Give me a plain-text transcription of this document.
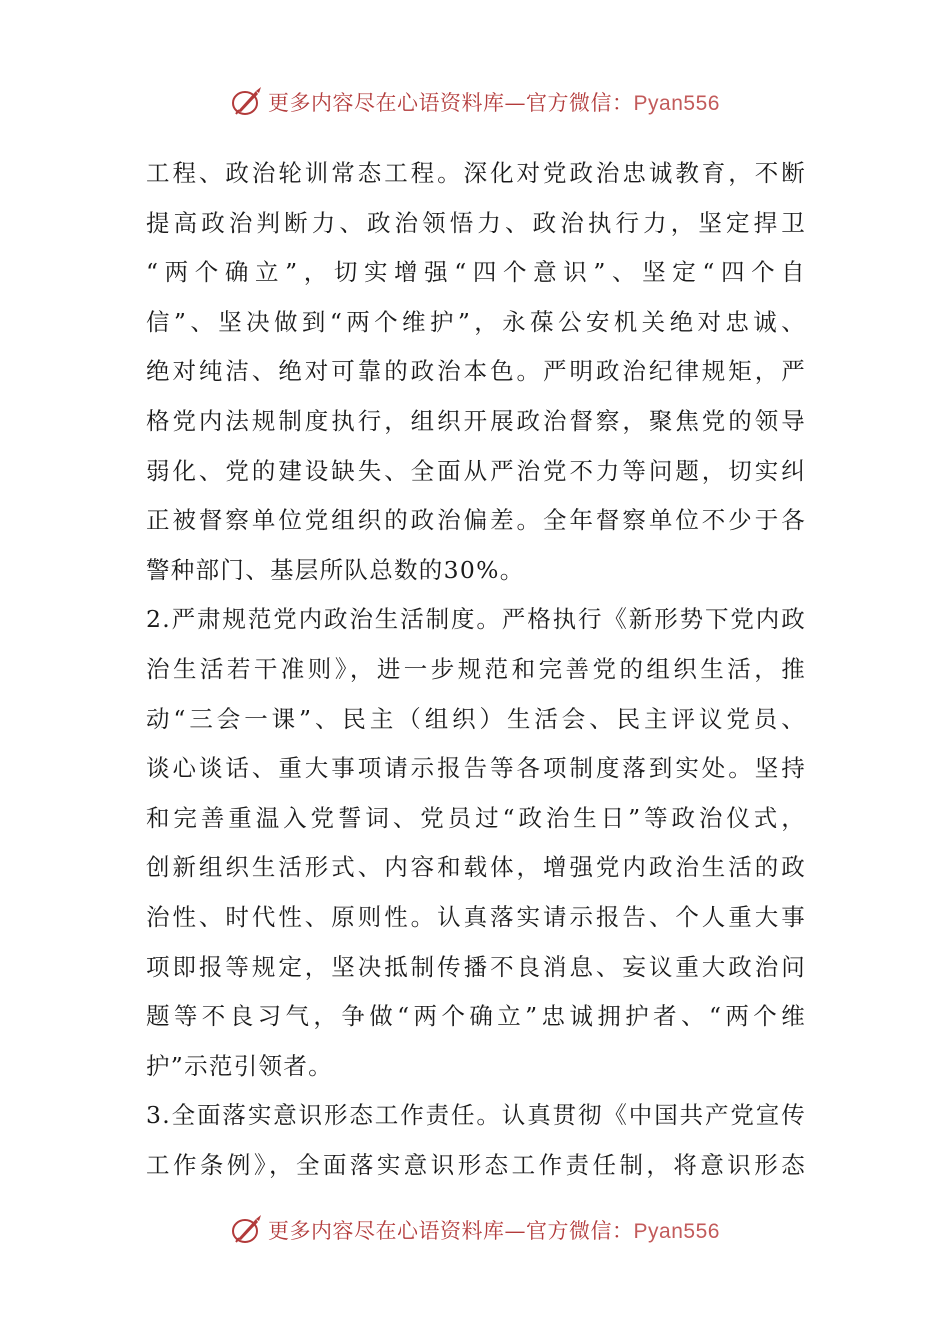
更多内容尽在心语资料库—官方微信：Pyan556
工程、政治轮训常态工程。深化对党政治忠诚教育，不断
提高政治判断力、政治领悟力、政治执行力，坚定捍卫
“两个确立”，切实增强“四个意识”、坚定“四个自
信”、坚决做到“两个维护”，永葆公安机关绝对忠诚、
绝对纯洁、绝对可靠的政治本色。严明政治纪律规矩，严
格党内法规制度执行，组织开展政治督察，聚焦党的领导
弱化、党的建设缺失、全面从严治党不力等问题，切实纠
正被督察单位党组织的政治偏差。全年督察单位不少于各
警种部门、基层所队总数的30%。
2.严肃规范党内政治生活制度。严格执行《新形势下党内政
治生活若干准则》，进一步规范和完善党的组织生活，推
动“三会一课”、民主（组织）生活会、民主评议党员、
谈心谈话、重大事项请示报告等各项制度落到实处。坚持
和完善重温入党誓词、党员过“政治生日”等政治仪式，
创新组织生活形式、内容和载体，增强党内政治生活的政
治性、时代性、原则性。认真落实请示报告、个人重大事
项即报等规定，坚决抵制传播不良消息、妄议重大政治问
题等不良习气，争做“两个确立”忠诚拥护者、“两个维
护”示范引领者。
3.全面落实意识形态工作责任。认真贯彻《中国共产党宣传
工作条例》，全面落实意识形态工作责任制，将意识形态
更多内容尽在心语资料库—官方微信：Pyan556
